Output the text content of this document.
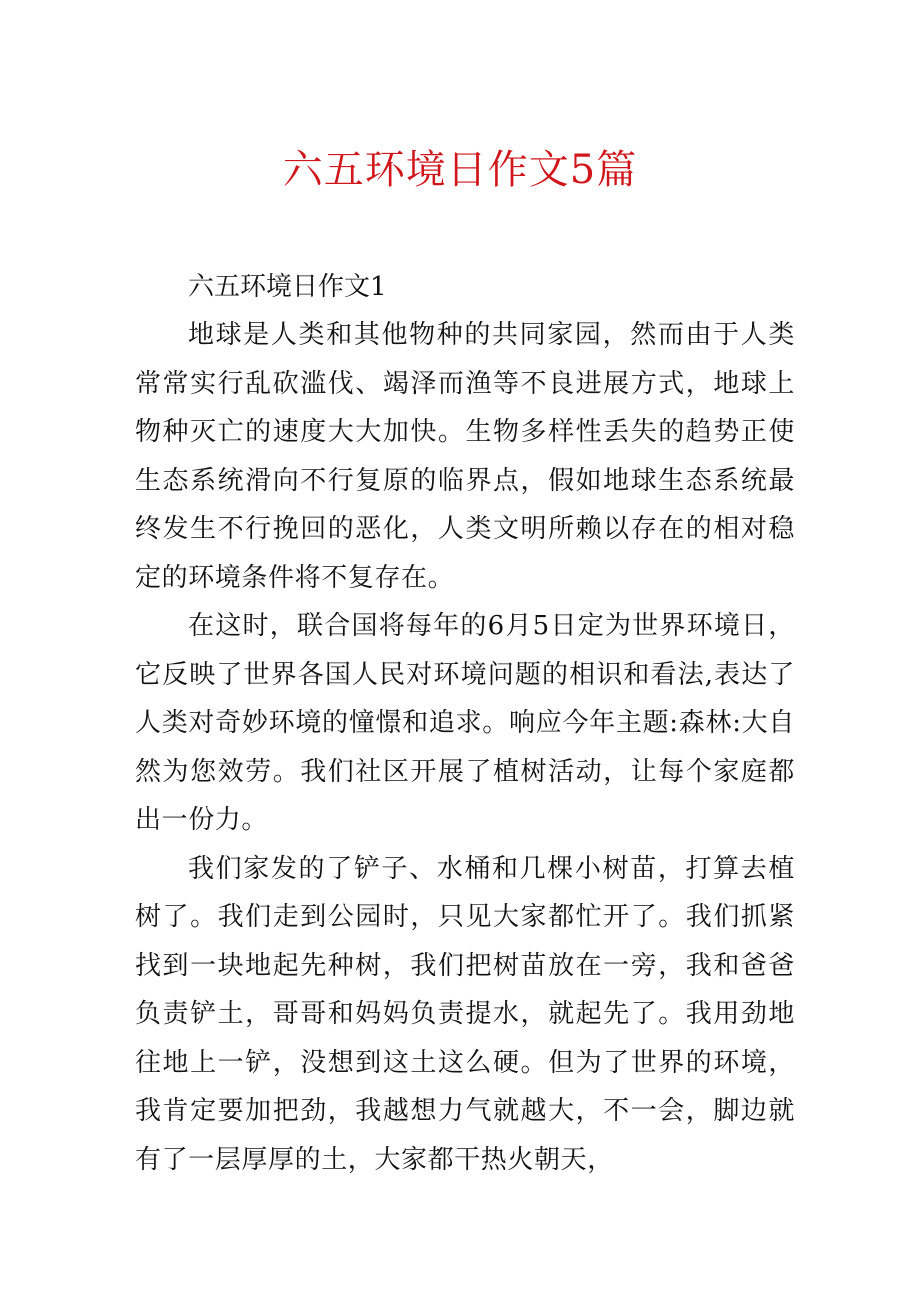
六五环境日作文5篇

六五环境日作文1

地球是人类和其他物种的共同家园，然而由于人类常常实行乱砍滥伐、竭泽而渔等不良进展方式，地球上物种灭亡的速度大大加快。生物多样性丢失的趋势正使生态系统滑向不行复原的临界点，假如地球生态系统最终发生不行挽回的恶化，人类文明所赖以存在的相对稳定的环境条件将不复存在。

在这时，联合国将每年的6月5日定为世界环境日，它反映了世界各国人民对环境问题的相识和看法,表达了人类对奇妙环境的憧憬和追求。响应今年主题:森林:大自然为您效劳。我们社区开展了植树活动，让每个家庭都出一份力。

我们家发的了铲子、水桶和几棵小树苗，打算去植树了。我们走到公园时，只见大家都忙开了。我们抓紧找到一块地起先种树，我们把树苗放在一旁，我和爸爸负责铲土，哥哥和妈妈负责提水，就起先了。我用劲地往地上一铲，没想到这土这么硬。但为了世界的环境，我肯定要加把劲，我越想力气就越大，不一会，脚边就有了一层厚厚的土，大家都干热火朝天，
